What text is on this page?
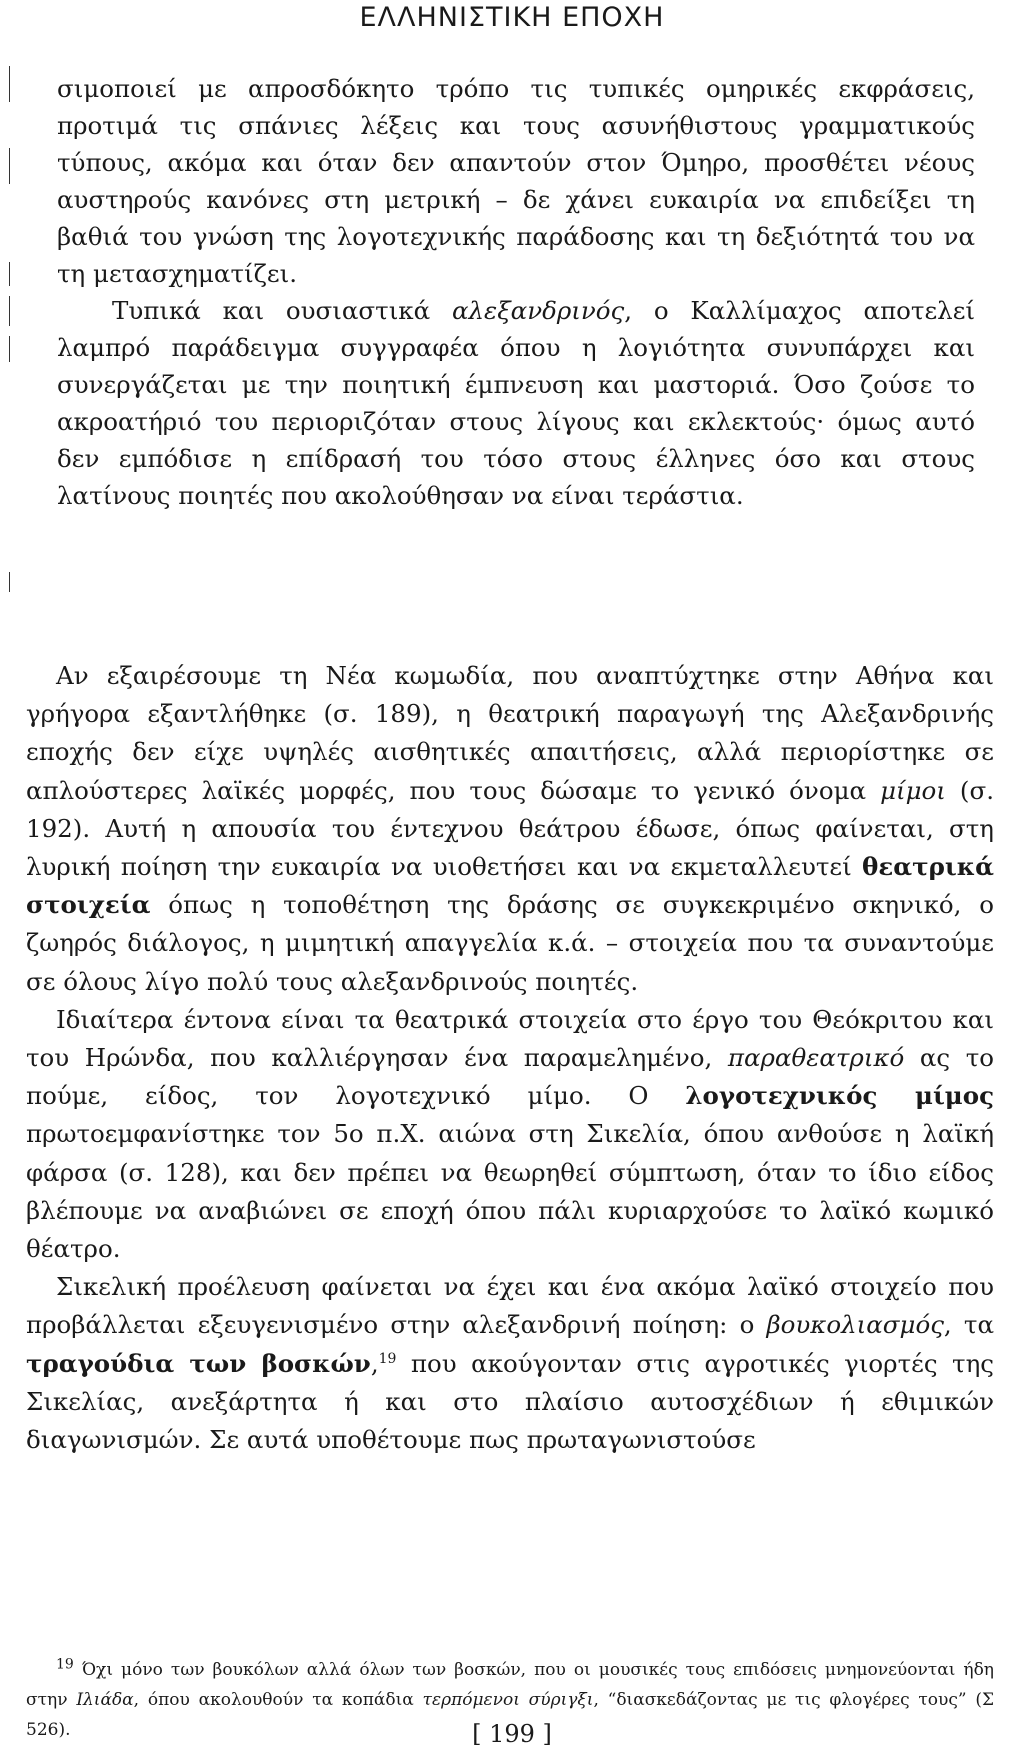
ΕΛΛΗΝΙΣΤΙΚΗ ΕΠΟΧΗ

σιμοποιεί με απροσδόκητο τρόπο τις τυπικές ομηρικές εκφράσεις, προτιμά τις σπάνιες λέξεις και τους ασυνήθιστους γραμματικούς τύπους, ακόμα και όταν δεν απαντούν στον Όμηρο, προσθέτει νέους αυστηρούς κανόνες στη μετρική – δε χάνει ευκαιρία να επιδείξει τη βαθιά του γνώση της λογοτεχνικής παράδοσης και τη δεξιότητά του να τη μετασχηματίζει.

Τυπικά και ουσιαστικά αλεξανδρινός, ο Καλλίμαχος αποτελεί λαμπρό παράδειγμα συγγραφέα όπου η λογιότητα συνυπάρχει και συνεργάζεται με την ποιητική έμπνευση και μαστοριά. Όσο ζούσε το ακροατήριό του περιοριζόταν στους λίγους και εκλεκτούς· όμως αυτό δεν εμπόδισε η επίδρασή του τόσο στους έλληνες όσο και στους λατίνους ποιητές που ακολούθησαν να είναι τεράστια.

Αν εξαιρέσουμε τη Νέα κωμωδία, που αναπτύχτηκε στην Αθήνα και γρήγορα εξαντλήθηκε (σ. 189), η θεατρική παραγωγή της Αλεξανδρινής εποχής δεν είχε υψηλές αισθητικές απαιτήσεις, αλλά περιορίστηκε σε απλούστερες λαϊκές μορφές, που τους δώσαμε το γενικό όνομα μίμοι (σ. 192). Αυτή η απουσία του έντεχνου θεάτρου έδωσε, όπως φαίνεται, στη λυρική ποίηση την ευκαιρία να υιοθετήσει και να εκμεταλλευτεί θεατρικά στοιχεία όπως η τοποθέτηση της δράσης σε συγκεκριμένο σκηνικό, ο ζωηρός διάλογος, η μιμητική απαγγελία κ.ά. – στοιχεία που τα συναντούμε σε όλους λίγο πολύ τους αλεξανδρινούς ποιητές.

Ιδιαίτερα έντονα είναι τα θεατρικά στοιχεία στο έργο του Θεόκριτου και του Ηρώνδα, που καλλιέργησαν ένα παραμελημένο, παραθεατρικό ας το πούμε, είδος, τον λογοτεχνικό μίμο. Ο λογοτεχνικός μίμος πρωτοεμφανίστηκε τον 5ο π.Χ. αιώνα στη Σικελία, όπου ανθούσε η λαϊκή φάρσα (σ. 128), και δεν πρέπει να θεωρηθεί σύμπτωση, όταν το ίδιο είδος βλέπουμε να αναβιώνει σε εποχή όπου πάλι κυριαρχούσε το λαϊκό κωμικό θέατρο.

Σικελική προέλευση φαίνεται να έχει και ένα ακόμα λαϊκό στοιχείο που προβάλλεται εξευγενισμένο στην αλεξανδρινή ποίηση: ο βουκολιασμός, τα τραγούδια των βοσκών,$^{19}$ που ακούγονταν στις αγροτικές γιορτές της Σικελίας, ανεξάρτητα ή και στο πλαίσιο αυτοσχέδιων ή εθιμικών διαγωνισμών. Σε αυτά υποθέτουμε πως πρωταγωνιστούσε

$^{19}$ Όχι μόνο των βουκόλων αλλά όλων των βοσκών, που οι μουσικές τους επιδόσεις μνημονεύονται ήδη στην Ιλιάδα, όπου ακολουθούν τα κοπάδια τερπόμενοι σύριγξι, “διασκεδάζοντας με τις φλογέρες τους” (Σ 526).	[ 199 ]
